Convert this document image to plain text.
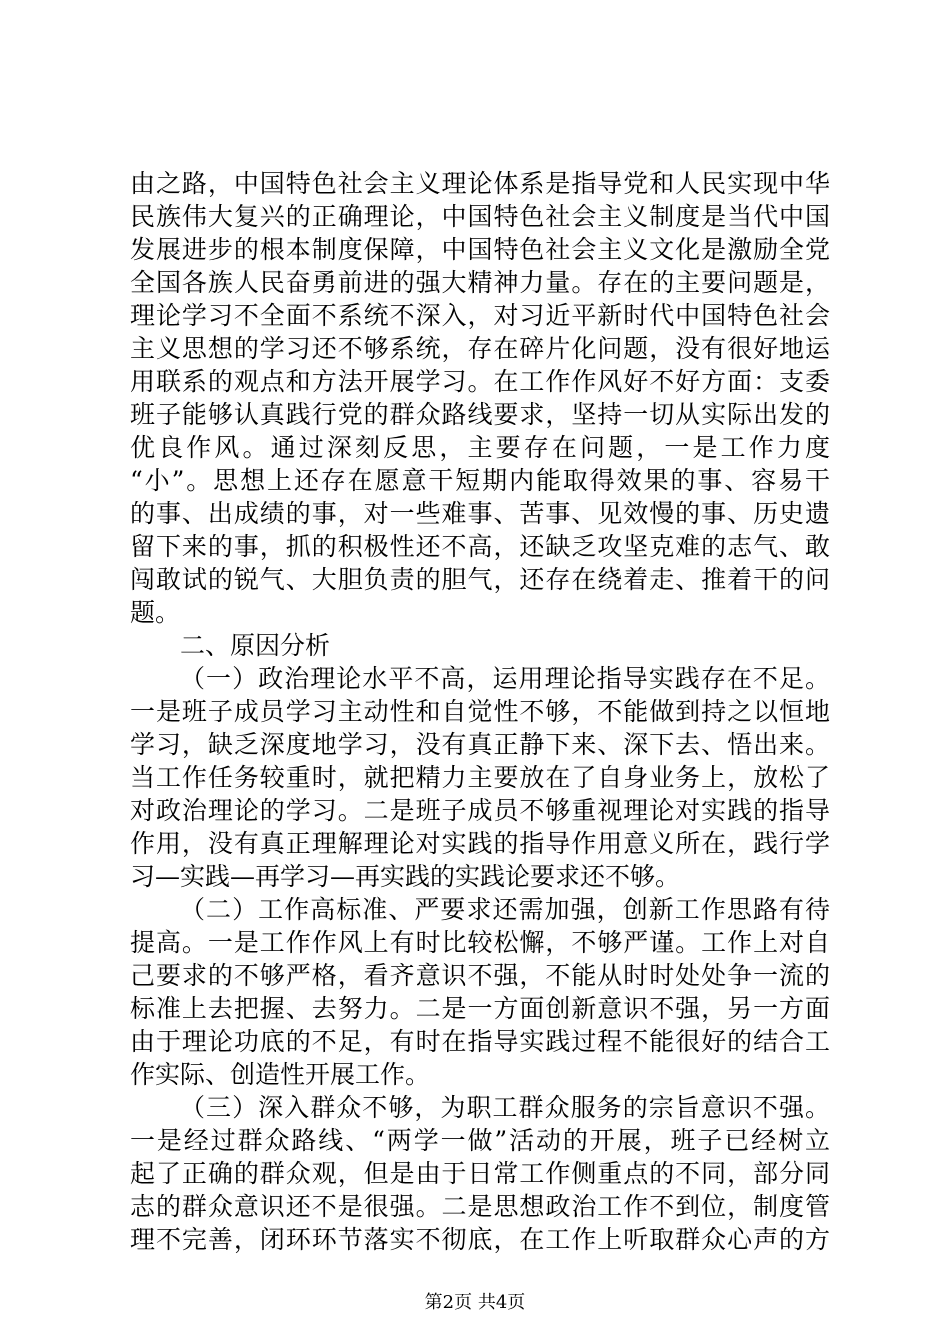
由之路，中国特色社会主义理论体系是指导党和人民实现中华
民族伟大复兴的正确理论，中国特色社会主义制度是当代中国
发展进步的根本制度保障，中国特色社会主义文化是激励全党
全国各族人民奋勇前进的强大精神力量。存在的主要问题是，
理论学习不全面不系统不深入，对习近平新时代中国特色社会
主义思想的学习还不够系统，存在碎片化问题，没有很好地运
用联系的观点和方法开展学习。在工作作风好不好方面：支委
班子能够认真践行党的群众路线要求，坚持一切从实际出发的
优良作风。通过深刻反思，主要存在问题，一是工作力度
“小”。思想上还存在愿意干短期内能取得效果的事、容易干
的事、出成绩的事，对一些难事、苦事、见效慢的事、历史遗
留下来的事，抓的积极性还不高，还缺乏攻坚克难的志气、敢
闯敢试的锐气、大胆负责的胆气，还存在绕着走、推着干的问
题。
二、原因分析
（一）政治理论水平不高，运用理论指导实践存在不足。
一是班子成员学习主动性和自觉性不够，不能做到持之以恒地
学习，缺乏深度地学习，没有真正静下来、深下去、悟出来。
当工作任务较重时，就把精力主要放在了自身业务上，放松了
对政治理论的学习。二是班子成员不够重视理论对实践的指导
作用，没有真正理解理论对实践的指导作用意义所在，践行学
习—实践—再学习—再实践的实践论要求还不够。
（二）工作高标准、严要求还需加强，创新工作思路有待
提高。一是工作作风上有时比较松懈，不够严谨。工作上对自
己要求的不够严格，看齐意识不强，不能从时时处处争一流的
标准上去把握、去努力。二是一方面创新意识不强，另一方面
由于理论功底的不足，有时在指导实践过程不能很好的结合工
作实际、创造性开展工作。
（三）深入群众不够，为职工群众服务的宗旨意识不强。
一是经过群众路线、“两学一做”活动的开展，班子已经树立
起了正确的群众观，但是由于日常工作侧重点的不同，部分同
志的群众意识还不是很强。二是思想政治工作不到位，制度管
理不完善，闭环环节落实不彻底，在工作上听取群众心声的方
第2页 共4页
